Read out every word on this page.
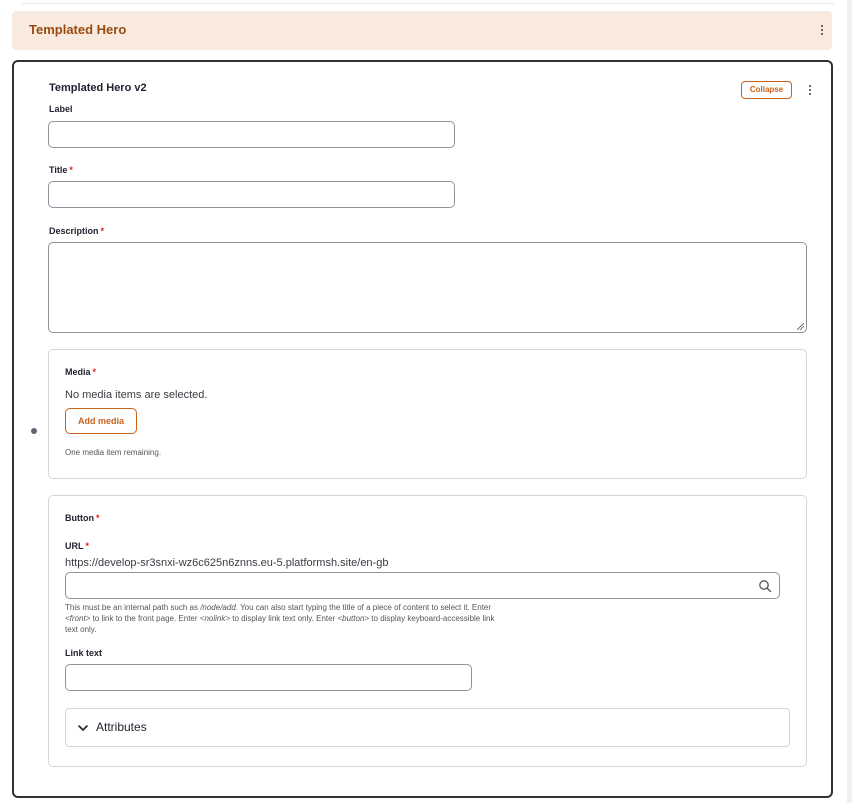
Templated Hero
Templated Hero v2	Collapse
Label
Title *
Description *
Media *
No media items are selected.
Add media
One media item remaining.
Button *
URL *
https://develop-sr3snxi-wz6c625n6znns.eu-5.platformsh.site/en-gb
This must be an internal path such as /node/add. You can also start typing the title of a piece of content to select it. Enter <front> to link to the front page. Enter <nolink> to display link text only. Enter <button> to display keyboard-accessible link text only.
Link text
Attributes
